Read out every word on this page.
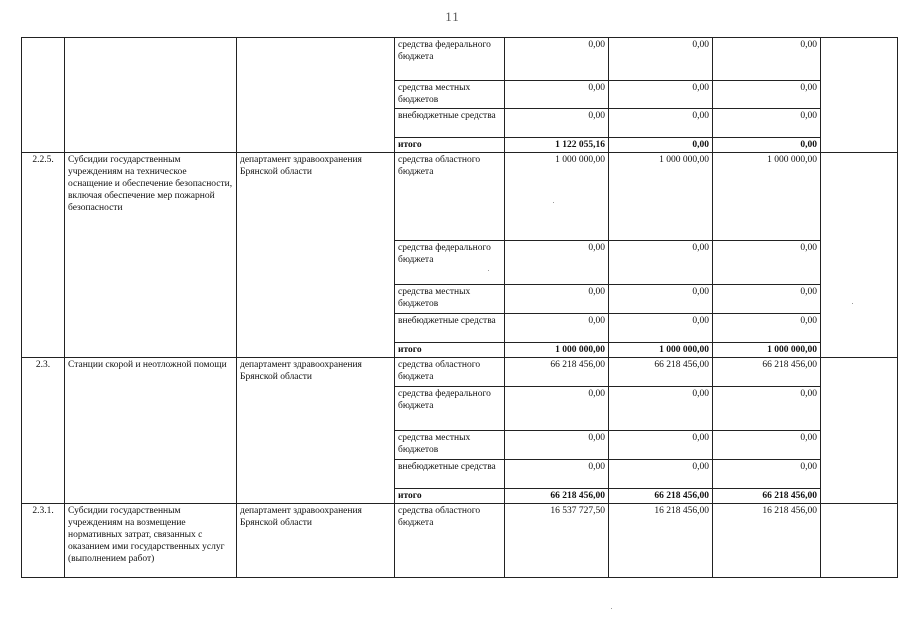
11
			средства федерального бюджета	0,00	0,00	0,00	
			средства местных бюджетов	0,00	0,00	0,00	
			внебюджетные средства	0,00	0,00	0,00	
			итого	1 122 055,16	0,00	0,00	
2.2.5.	Субсидии государственным учреждениям на техническое оснащение и обеспечение безопасности, включая обеспечение мер пожарной безопасности	департамент здравоохранения Брянской области	средства областного бюджета	1 000 000,00	1 000 000,00	1 000 000,00	
			средства федерального бюджета	0,00	0,00	0,00	
			средства местных бюджетов	0,00	0,00	0,00	
			внебюджетные средства	0,00	0,00	0,00	
			итого	1 000 000,00	1 000 000,00	1 000 000,00	
2.3.	Станции скорой и неотложной помощи	департамент здравоохранения Брянской области	средства областного бюджета	66 218 456,00	66 218 456,00	66 218 456,00	
			средства федерального бюджета	0,00	0,00	0,00	
			средства местных бюджетов	0,00	0,00	0,00	
			внебюджетные средства	0,00	0,00	0,00	
			итого	66 218 456,00	66 218 456,00	66 218 456,00	
2.3.1.	Субсидии государственным учреждениям на возмещение нормативных затрат, связанных с оказанием ими государственных услуг (выполнением работ)	департамент здравоохранения Брянской области	средства областного бюджета	16 537 727,50	16 218 456,00	16 218 456,00	
